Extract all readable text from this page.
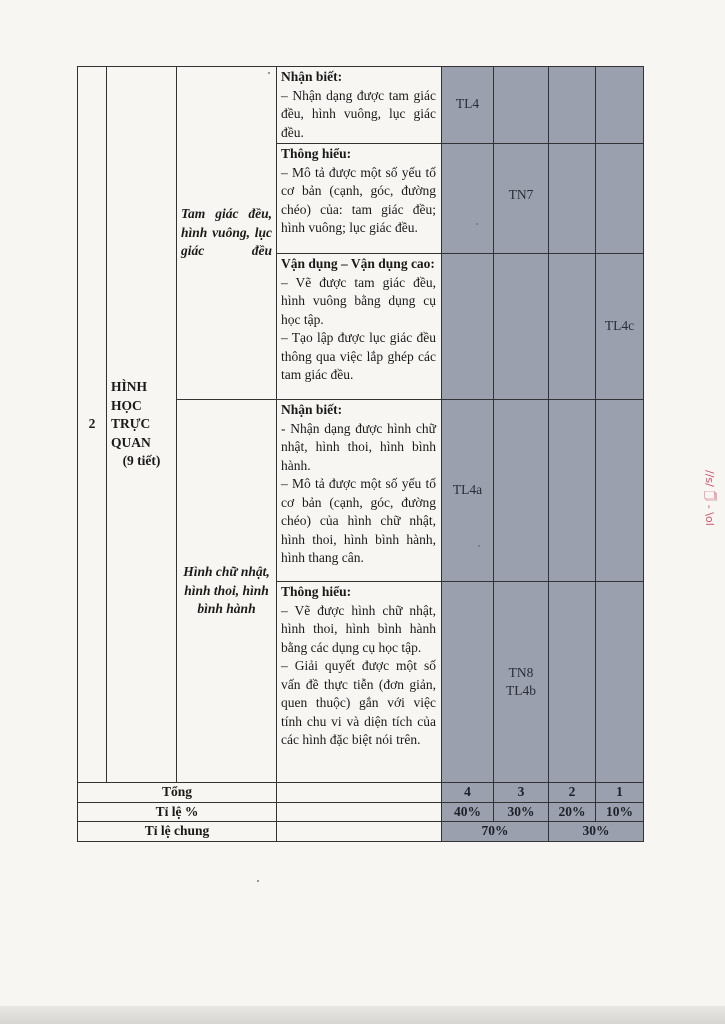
2	HÌNH
HỌC
TRỰC
QUAN
(9 tiết)	Tam giác đều, hình vuông, lục giác đều	Nhận biết:
– Nhận dạng được tam giác đều, hình vuông, lục giác đều.	TL4			

			Thông hiểu:
– Mô tả được một số yếu tố cơ bản (cạnh, góc, đường chéo) của: tam giác đều; hình vuông; lục giác đều.		TN7		

			Vận dụng – Vận dụng cao:
– Vẽ được tam giác đều, hình vuông bằng dụng cụ học tập.
– Tạo lập được lục giác đều thông qua việc lắp ghép các tam giác đều.				TL4c

		Hình chữ nhật, hình thoi, hình bình hành	Nhận biết:
- Nhận dạng được hình chữ nhật, hình thoi, hình bình hành.
– Mô tả được một số yếu tố cơ bản (cạnh, góc, đường chéo) của hình chữ nhật, hình thoi, hình bình hành, hình thang cân.	TL4a			

			Thông hiểu:
– Vẽ được hình chữ nhật, hình thoi, hình bình hành bằng các dụng cụ học tập.
– Giải quyết được một số vấn đề thực tiễn (đơn giản, quen thuộc) gắn với việc tính chu vi và diện tích của các hình đặc biệt nói trên.		TN8 TL4b		
Tổng				4	3	2	1
Tỉ lệ %				40%	30%	20%	10%
Tỉ lệ chung				70%		30%	
//s/ 🗍 - \ol
